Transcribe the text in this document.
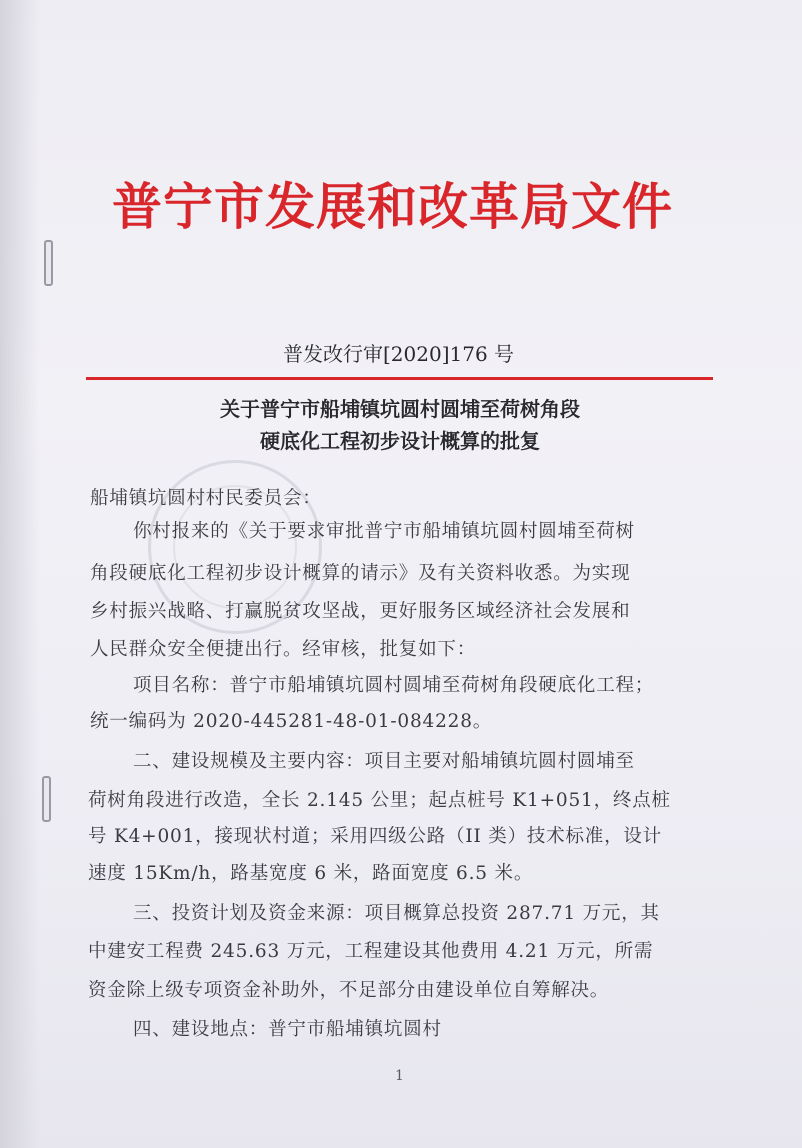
普宁市发展和改革局文件
普发改行审[2020]176 号
关于普宁市船埔镇坑圆村圆埔至荷树角段
硬底化工程初步设计概算的批复
船埔镇坑圆村村民委员会：
你村报来的《关于要求审批普宁市船埔镇坑圆村圆埔至荷树
角段硬底化工程初步设计概算的请示》及有关资料收悉。为实现
乡村振兴战略、打赢脱贫攻坚战，更好服务区域经济社会发展和
人民群众安全便捷出行。经审核，批复如下：
项目名称：普宁市船埔镇坑圆村圆埔至荷树角段硬底化工程；
统一编码为 2020-445281-48-01-084228。
二、建设规模及主要内容：项目主要对船埔镇坑圆村圆埔至
荷树角段进行改造，全长 2.145 公里；起点桩号 K1+051，终点桩
号 K4+001，接现状村道；采用四级公路（II 类）技术标准，设计
速度 15Km/h，路基宽度 6 米，路面宽度 6.5 米。
三、投资计划及资金来源：项目概算总投资 287.71 万元，其
中建安工程费 245.63 万元，工程建设其他费用 4.21 万元，所需
资金除上级专项资金补助外，不足部分由建设单位自筹解决。
四、建设地点：普宁市船埔镇坑圆村
1
